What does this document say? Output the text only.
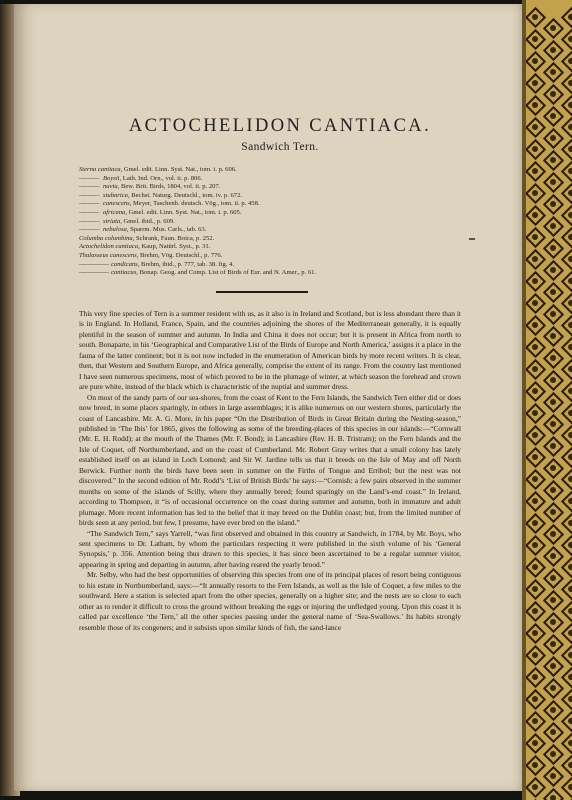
ACTOCHELIDON CANTIACA.
Sandwich Tern.
Sterna cantiaca, Gmel. edit. Linn. Syst. Nat., tom. i. p. 606.
———— Boysii, Lath. Ind. Orn., vol. ii. p. 806.
———— navia, Bew. Brit. Birds, 1804, vol. ii. p. 207.
———— stubarica, Bechst. Naturg. Deutschl., tom. iv. p. 672.
———— canescens, Meyer, Taschenb. deutsch. Vög., tom. ii. p. 458.
———— africana, Gmel. edit. Linn. Syst. Nat., tom. i. p. 605.
———— striata, Gmel. ibid., p. 609.
———— nebulosa, Sparrm. Mus. Carls., tab. 63.
Columba columbina, Schrank, Faun. Boica, p. 252.
Actochelidon cantiaca, Kaup, Natürl. Syst., p. 31.
Thalasseus canescens, Brehm, Vög. Deutschl., p. 776.
—————— candicans, Brehm, ibid., p. 777, tab. 38. fig. 4.
—————— cantiacus, Bonap. Geog. and Comp. List of Birds of Eur. and N. Amer., p. 61.

This very fine species of Tern is a summer resident with us, as it also is in Ireland and Scotland, but is less abundant there than it is in England. In Holland, France, Spain, and the countries adjoining the shores of the Mediterranean generally, it is equally plentiful in the season of summer and autumn. In India and China it does not occur; but it is present in Africa from north to south. Bonaparte, in his ‘Geographical and Comparative List of the Birds of Europe and North America,’ assigns it a place in the fauna of the latter continent; but it is not now included in the enumeration of American birds by more recent writers. It is clear, then, that Western and Southern Europe, and Africa generally, comprise the extent of its range. From the country last mentioned I have seen numerous specimens, most of which proved to be in the plumage of winter, at which season the forehead and crown are pure white, instead of the black which is characteristic of the nuptial and summer dress.

On most of the sandy parts of our sea-shores, from the coast of Kent to the Fern Islands, the Sandwich Tern either did or does now breed, in some places sparingly, in others in large assemblages; it is alike numerous on our western shores, particularly the coast of Lancashire. Mr. A. G. More, in his paper “On the Distribution of Birds in Great Britain during the Nesting-season,” published in ‘The Ibis’ for 1865, gives the following as some of the breeding-places of this species in our islands:—“Cornwall (Mr. E. H. Rodd); at the mouth of the Thames (Mr. F. Bond); in Lancashire (Rev. H. B. Tristram); on the Fern Islands and the Isle of Coquet, off Northumberland, and on the coast of Cumberland. Mr. Robert Gray writes that a small colony has lately established itself on an island in Loch Lomond; and Sir W. Jardine tells us that it breeds on the Isle of May and off North Berwick. Further north the birds have been seen in summer on the Firths of Tongue and Erribol; but the nest was not discovered.” In the second edition of Mr. Rodd’s ‘List of British Birds’ he says:—“Cornish: a few pairs observed in the summer months on some of the islands of Scilly, where they annually breed; found sparingly on the Land’s-end coast.” In Ireland, according to Thompson, it “is of occasional occurrence on the coast during summer and autumn, both in immature and adult plumage. More recent information has led to the belief that it may breed on the Dublin coast; but, from the limited number of birds seen at any period, but few, I presume, have ever bred on the island.”

“The Sandwich Tern,” says Yarrell, “was first observed and obtained in this country at Sandwich, in 1784, by Mr. Boys, who sent specimens to Dr. Latham, by whom the particulars respecting it were published in the sixth volume of his ‘General Synopsis,’ p. 356. Attention being thus drawn to this species, it has since been ascertained to be a regular summer visitor, appearing in spring and departing in autumn, after having reared the yearly brood.”

Mr. Selby, who had the best opportunities of observing this species from one of its principal places of resort being contiguous to his estate in Northumberland, says:—“It annually resorts to the Fern Islands, as well as the Isle of Coquet, a few miles to the southward. Here a station is selected apart from the other species, generally on a higher site; and the nests are so close to each other as to render it difficult to cross the ground without breaking the eggs or injuring the unfledged young. Upon this coast it is called par excellence ‘the Tern,’ all the other species passing under the general name of ‘Sea-Swallows.’ Its habits strongly resemble those of its congeners; and it subsists upon similar kinds of fish, the sand-lance
